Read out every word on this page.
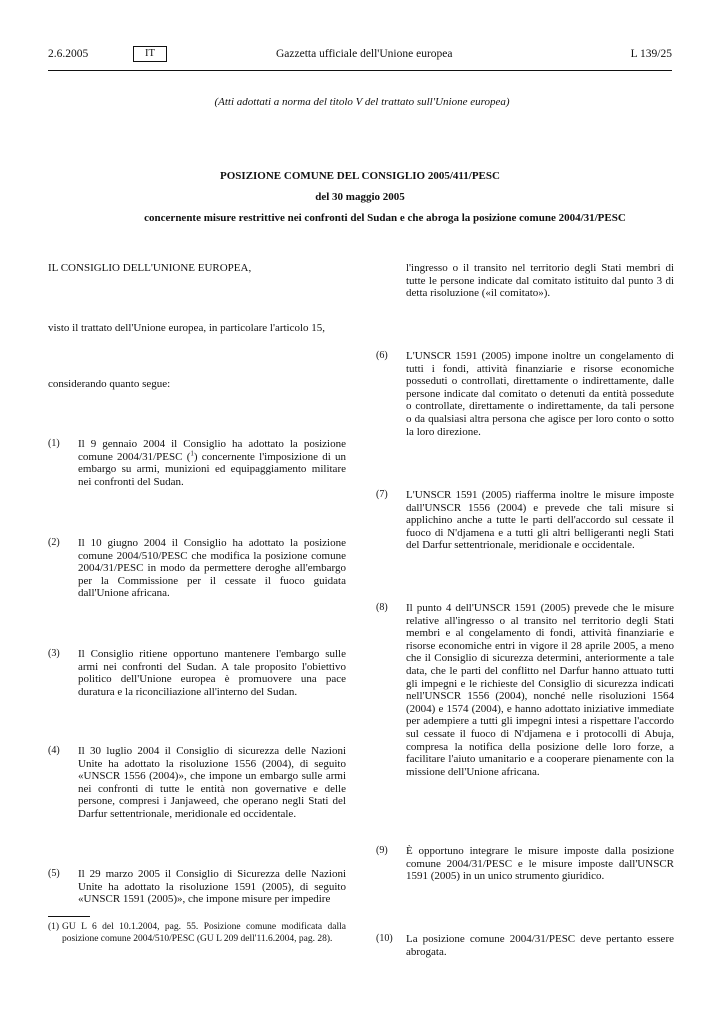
2.6.2005	IT	Gazzetta ufficiale dell'Unione europea	L 139/25
(Atti adottati a norma del titolo V del trattato sull'Unione europea)
POSIZIONE COMUNE DEL CONSIGLIO 2005/411/PESC
del 30 maggio 2005
concernente misure restrittive nei confronti del Sudan e che abroga la posizione comune 2004/31/PESC
IL CONSIGLIO DELL'UNIONE EUROPEA,
visto il trattato dell'Unione europea, in particolare l'articolo 15,
considerando quanto segue:
(1) Il 9 gennaio 2004 il Consiglio ha adottato la posizione comune 2004/31/PESC ($^1$) concernente l'imposizione di un embargo su armi, munizioni ed equipaggiamento militare nei confronti del Sudan.
(2) Il 10 giugno 2004 il Consiglio ha adottato la posizione comune 2004/510/PESC che modifica la posizione comune 2004/31/PESC in modo da permettere deroghe all'embargo per la Commissione per il cessate il fuoco guidata dall'Unione africana.
(3) Il Consiglio ritiene opportuno mantenere l'embargo sulle armi nei confronti del Sudan. A tale proposito l'obiettivo politico dell'Unione europea è promuovere una pace duratura e la riconciliazione all'interno del Sudan.
(4) Il 30 luglio 2004 il Consiglio di sicurezza delle Nazioni Unite ha adottato la risoluzione 1556 (2004), di seguito «UNSCR 1556 (2004)», che impone un embargo sulle armi nei confronti di tutte le entità non governative e delle persone, compresi i Janjaweed, che operano negli Stati del Darfur settentrionale, meridionale ed occidentale.
(5) Il 29 marzo 2005 il Consiglio di Sicurezza delle Nazioni Unite ha adottato la risoluzione 1591 (2005), di seguito «UNSCR 1591 (2005)», che impone misure per impedire
l'ingresso o il transito nel territorio degli Stati membri di tutte le persone indicate dal comitato istituito dal punto 3 di detta risoluzione («il comitato»).
(6) L'UNSCR 1591 (2005) impone inoltre un congelamento di tutti i fondi, attività finanziarie e risorse economiche posseduti o controllati, direttamente o indirettamente, dalle persone indicate dal comitato o detenuti da entità possedute o controllate, direttamente o indirettamente, da tali persone o da qualsiasi altra persona che agisce per loro conto o sotto la loro direzione.
(7) L'UNSCR 1591 (2005) riafferma inoltre le misure imposte dall'UNSCR 1556 (2004) e prevede che tali misure si applichino anche a tutte le parti dell'accordo sul cessate il fuoco di N'djamena e a tutti gli altri belligeranti negli Stati del Darfur settentrionale, meridionale e occidentale.
(8) Il punto 4 dell'UNSCR 1591 (2005) prevede che le misure relative all'ingresso o al transito nel territorio degli Stati membri e al congelamento di fondi, attività finanziarie e risorse economiche entri in vigore il 28 aprile 2005, a meno che il Consiglio di sicurezza determini, anteriormente a tale data, che le parti del conflitto nel Darfur hanno attuato tutti gli impegni e le richieste del Consiglio di sicurezza indicati nell'UNSCR 1556 (2004), nonché nelle risoluzioni 1564 (2004) e 1574 (2004), e hanno adottato iniziative immediate per adempiere a tutti gli impegni intesi a rispettare l'accordo sul cessate il fuoco di N'djamena e i protocolli di Abuja, compresa la notifica della posizione delle loro forze, a facilitare l'aiuto umanitario e a cooperare pienamente con la missione dell'Unione africana.
(9) È opportuno integrare le misure imposte dalla posizione comune 2004/31/PESC e le misure imposte dall'UNSCR 1591 (2005) in un unico strumento giuridico.
(10) La posizione comune 2004/31/PESC deve pertanto essere abrogata.
(1) GU L 6 del 10.1.2004, pag. 55. Posizione comune modificata dalla posizione comune 2004/510/PESC (GU L 209 dell'11.6.2004, pag. 28).
